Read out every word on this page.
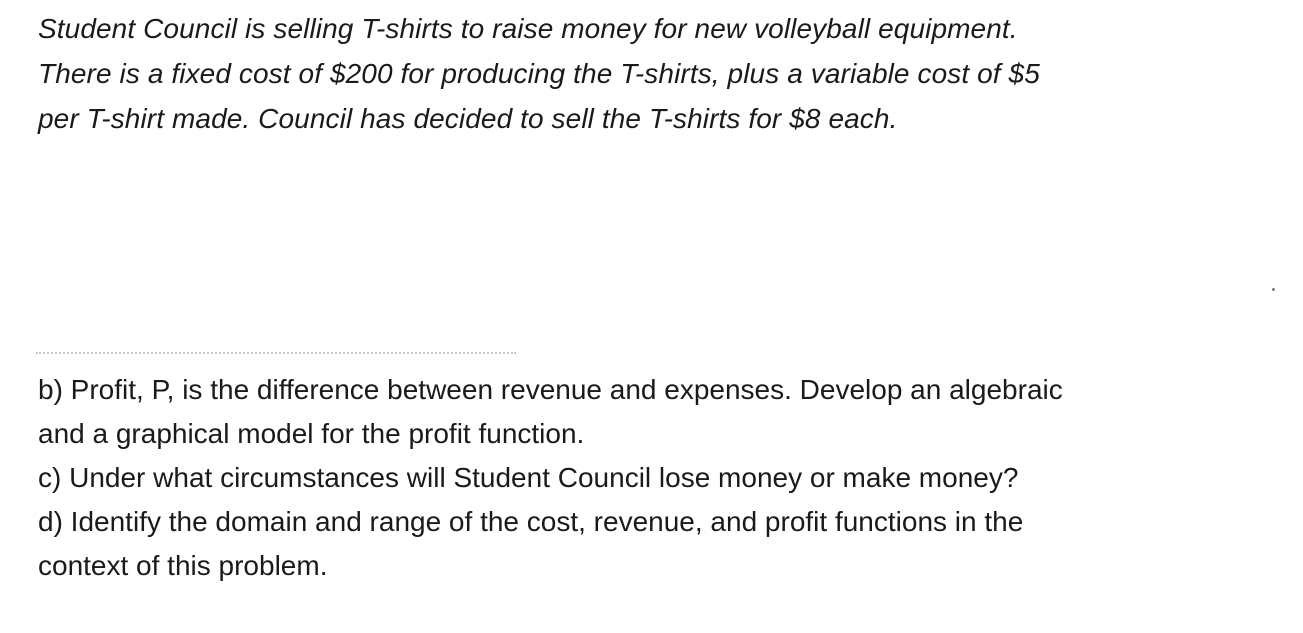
Student Council is selling T-shirts to raise money for new volleyball equipment.
There is a fixed cost of $200 for producing the T-shirts, plus a variable cost of $5
per T-shirt made. Council has decided to sell the T-shirts for $8 each.

b) Profit, P, is the difference between revenue and expenses. Develop an algebraic
and a graphical model for the profit function.
c) Under what circumstances will Student Council lose money or make money?
d) Identify the domain and range of the cost, revenue, and profit functions in the
context of this problem.
